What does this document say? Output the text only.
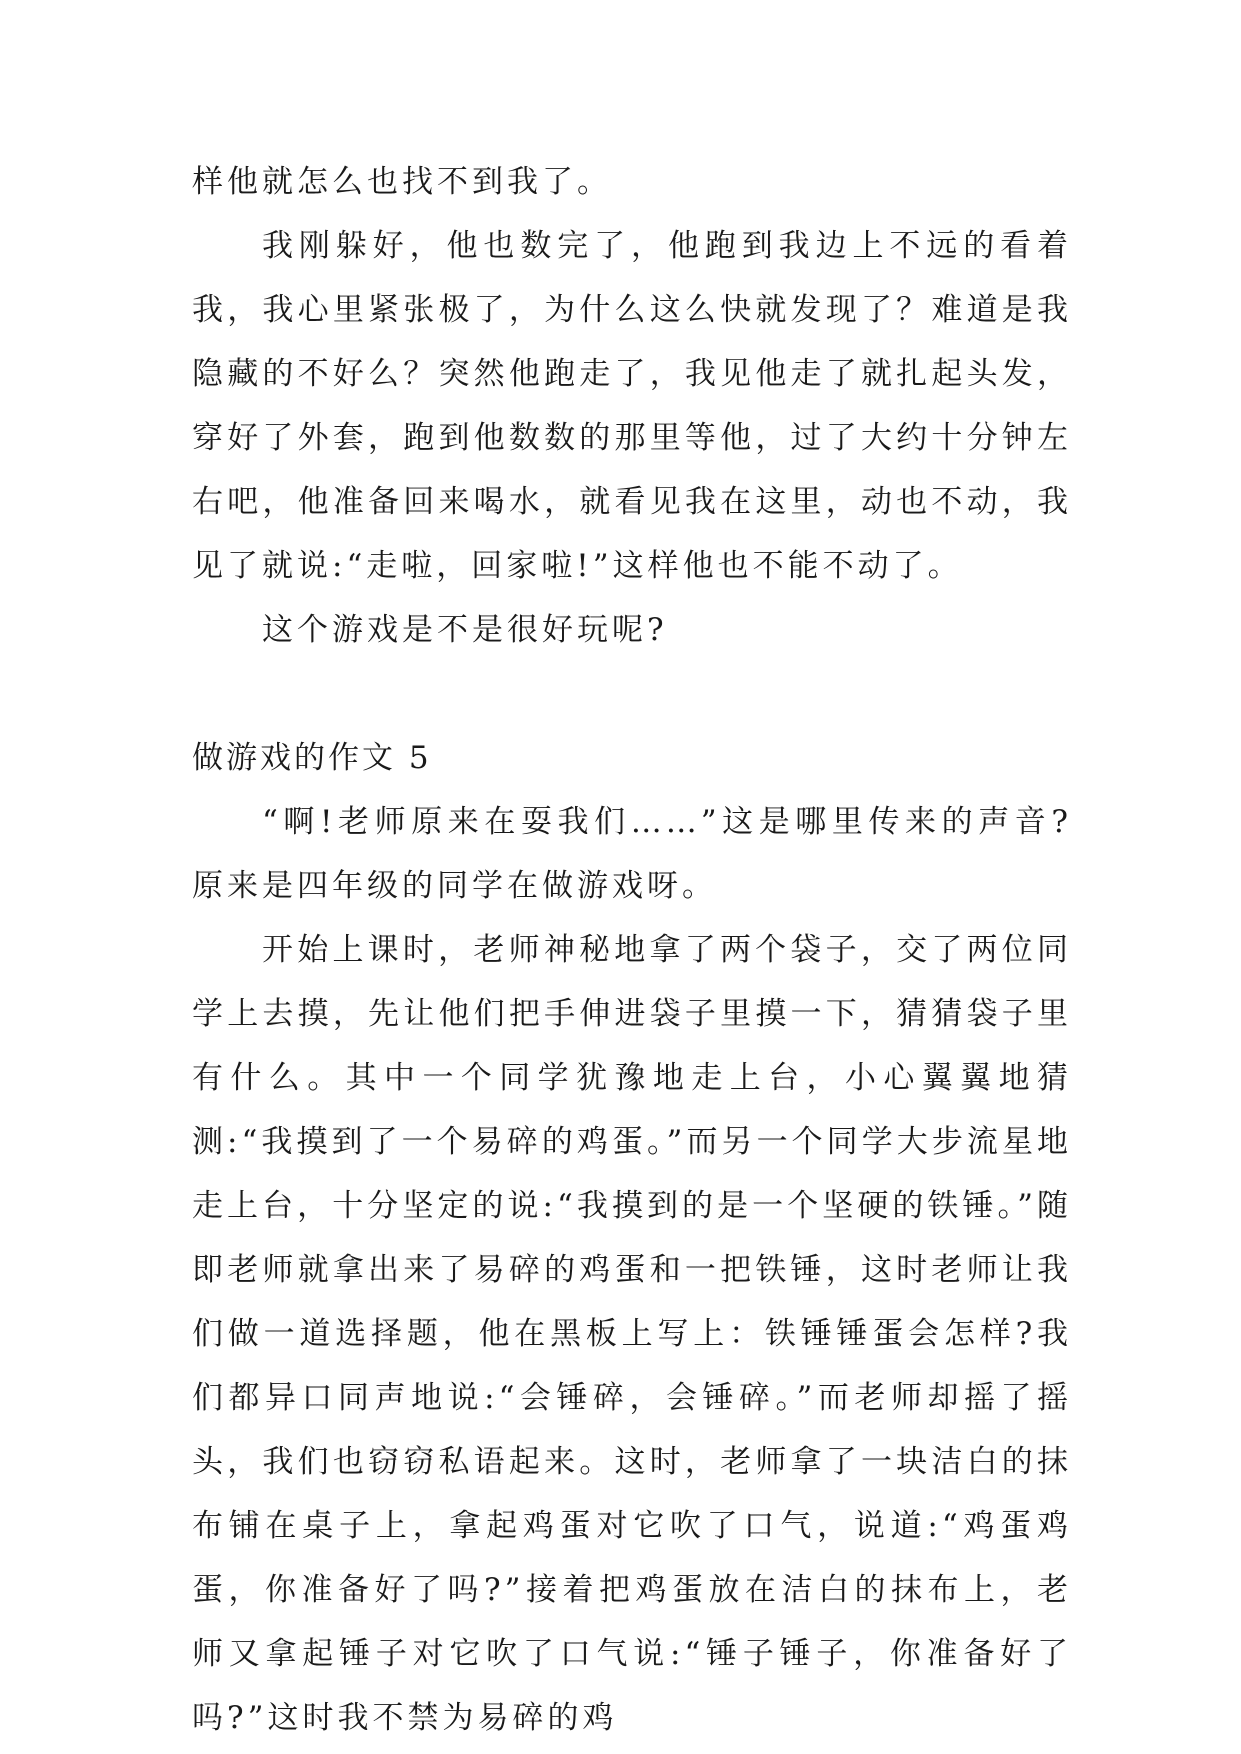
样他就怎么也找不到我了。

我刚躲好，他也数完了，他跑到我边上不远的看着我，我心里紧张极了，为什么这么快就发现了？难道是我隐藏的不好么？突然他跑走了，我见他走了就扎起头发，穿好了外套，跑到他数数的那里等他，过了大约十分钟左右吧，他准备回来喝水，就看见我在这里，动也不动，我见了就说:“走啦，回家啦!”这样他也不能不动了。

这个游戏是不是很好玩呢?

做游戏的作文 5

“啊!老师原来在耍我们……”这是哪里传来的声音?原来是四年级的同学在做游戏呀。

开始上课时，老师神秘地拿了两个袋子，交了两位同学上去摸，先让他们把手伸进袋子里摸一下，猜猜袋子里有什么。其中一个同学犹豫地走上台，小心翼翼地猜测:“我摸到了一个易碎的鸡蛋。”而另一个同学大步流星地走上台，十分坚定的说:“我摸到的是一个坚硬的铁锤。”随即老师就拿出来了易碎的鸡蛋和一把铁锤，这时老师让我们做一道选择题，他在黑板上写上：铁锤锤蛋会怎样?我们都异口同声地说:“会锤碎，会锤碎。”而老师却摇了摇头，我们也窃窃私语起来。这时，老师拿了一块洁白的抹布铺在桌子上，拿起鸡蛋对它吹了口气，说道:“鸡蛋鸡蛋，你准备好了吗?”接着把鸡蛋放在洁白的抹布上，老师又拿起锤子对它吹了口气说:“锤子锤子，你准备好了吗?”这时我不禁为易碎的鸡
